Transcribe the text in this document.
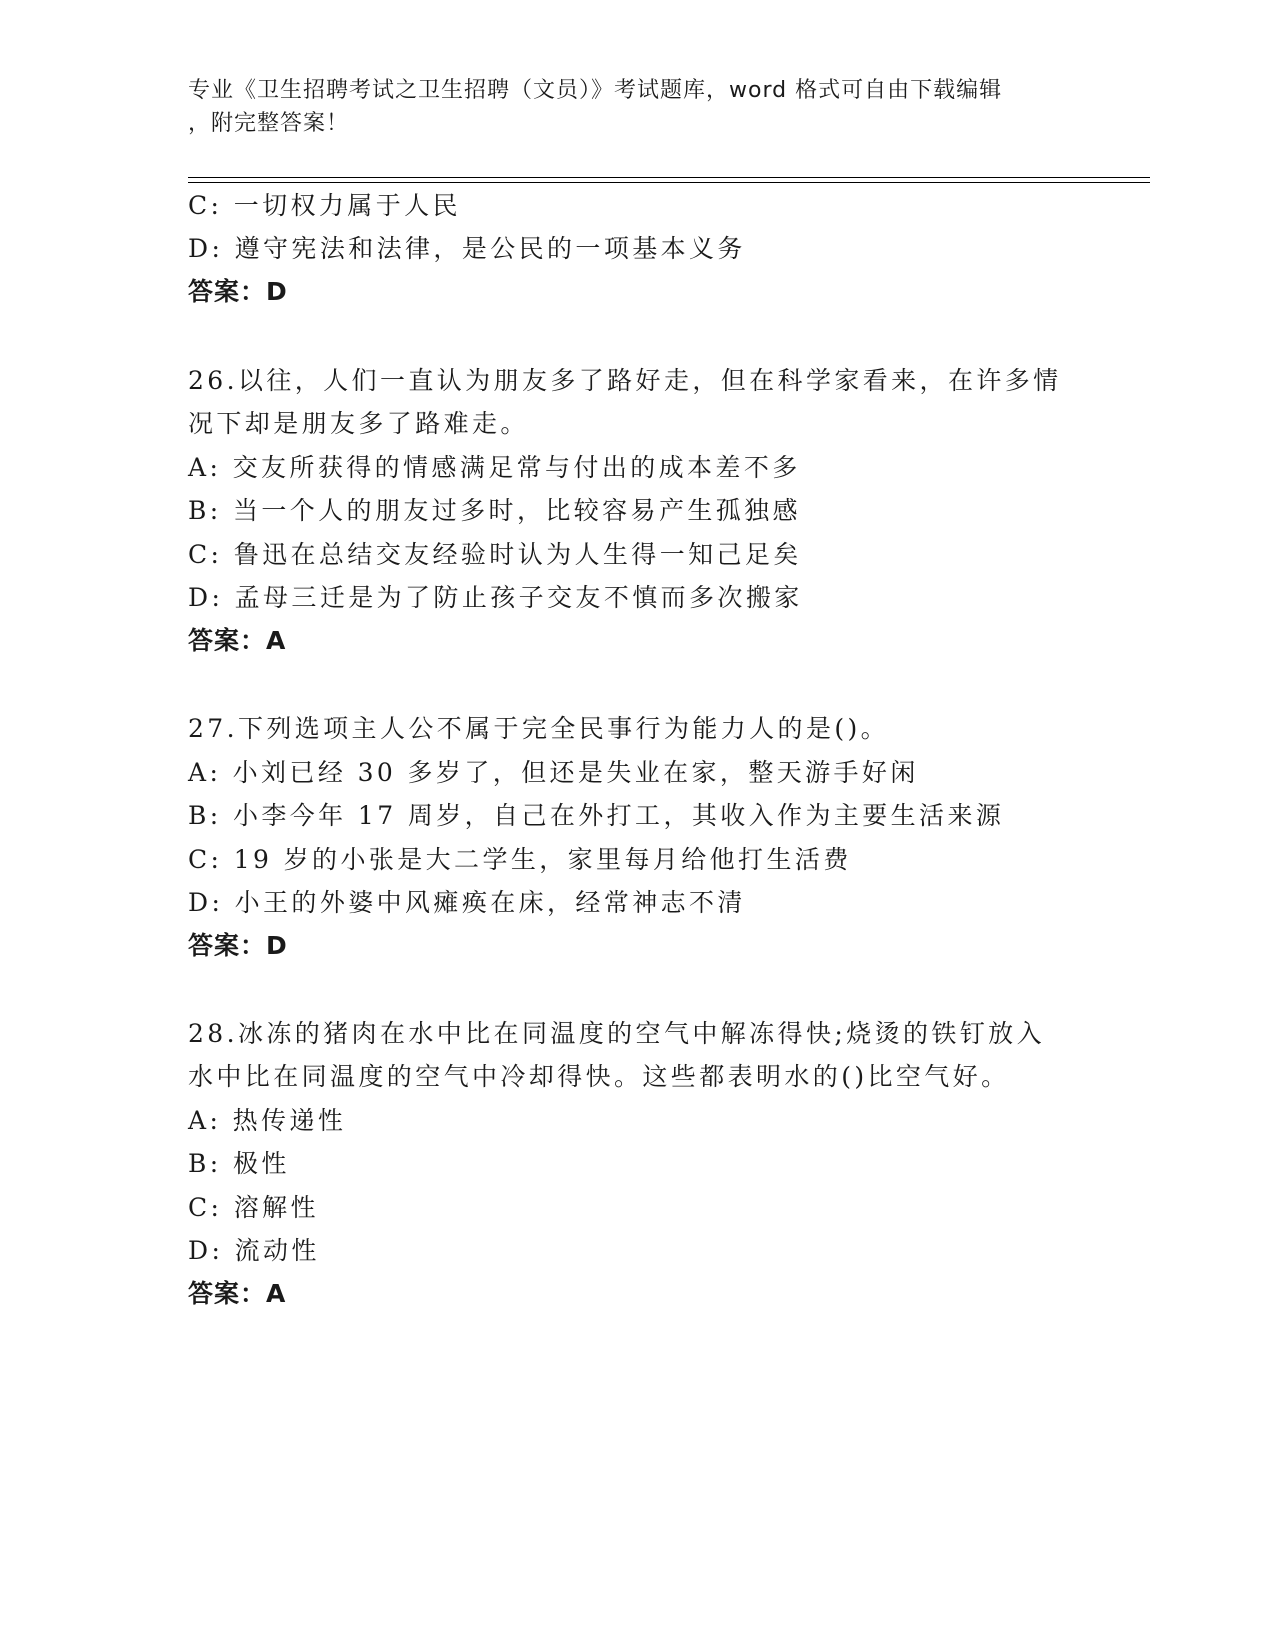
专业《卫生招聘考试之卫生招聘（文员）》考试题库，word 格式可自由下载编辑
，附完整答案！
C: 一切权力属于人民
D: 遵守宪法和法律，是公民的一项基本义务
答案：D
26.以往，人们一直认为朋友多了路好走，但在科学家看来，在许多情
况下却是朋友多了路难走。
A: 交友所获得的情感满足常与付出的成本差不多
B: 当一个人的朋友过多时，比较容易产生孤独感
C: 鲁迅在总结交友经验时认为人生得一知己足矣
D: 孟母三迁是为了防止孩子交友不慎而多次搬家
答案：A
27.下列选项主人公不属于完全民事行为能力人的是()。
A: 小刘已经 30 多岁了，但还是失业在家，整天游手好闲
B: 小李今年 17 周岁，自己在外打工，其收入作为主要生活来源
C: 19 岁的小张是大二学生，家里每月给他打生活费
D: 小王的外婆中风瘫痪在床，经常神志不清
答案：D
28.冰冻的猪肉在水中比在同温度的空气中解冻得快;烧烫的铁钉放入
水中比在同温度的空气中冷却得快。这些都表明水的()比空气好。
A: 热传递性
B: 极性
C: 溶解性
D: 流动性
答案：A
